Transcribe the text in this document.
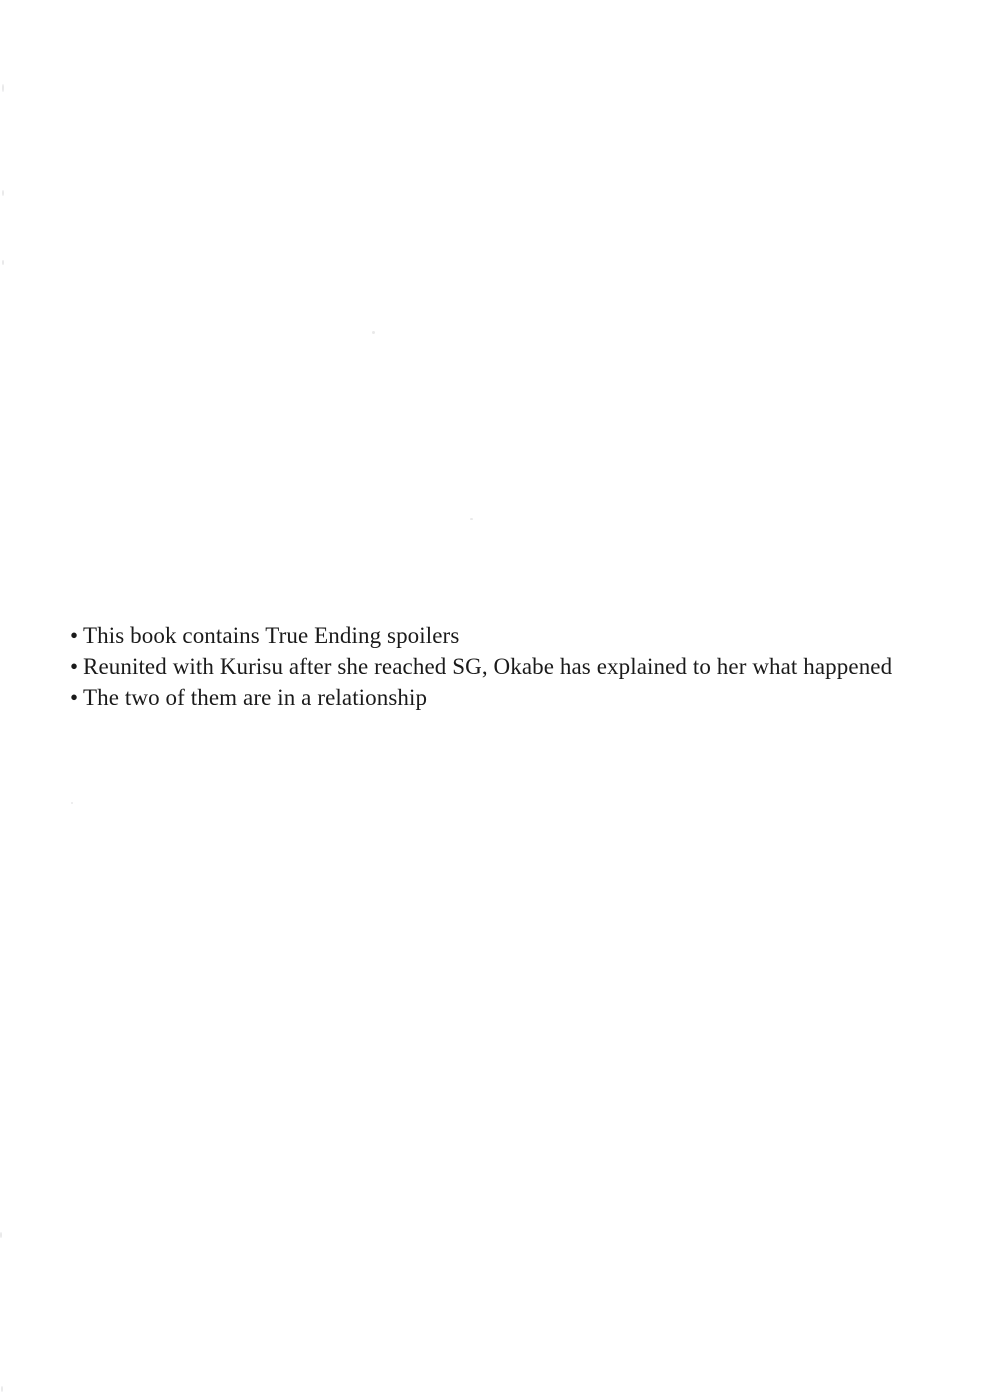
• This book contains True Ending spoilers
• Reunited with Kurisu after she reached SG, Okabe has explained to her what happened
• The two of them are in a relationship
